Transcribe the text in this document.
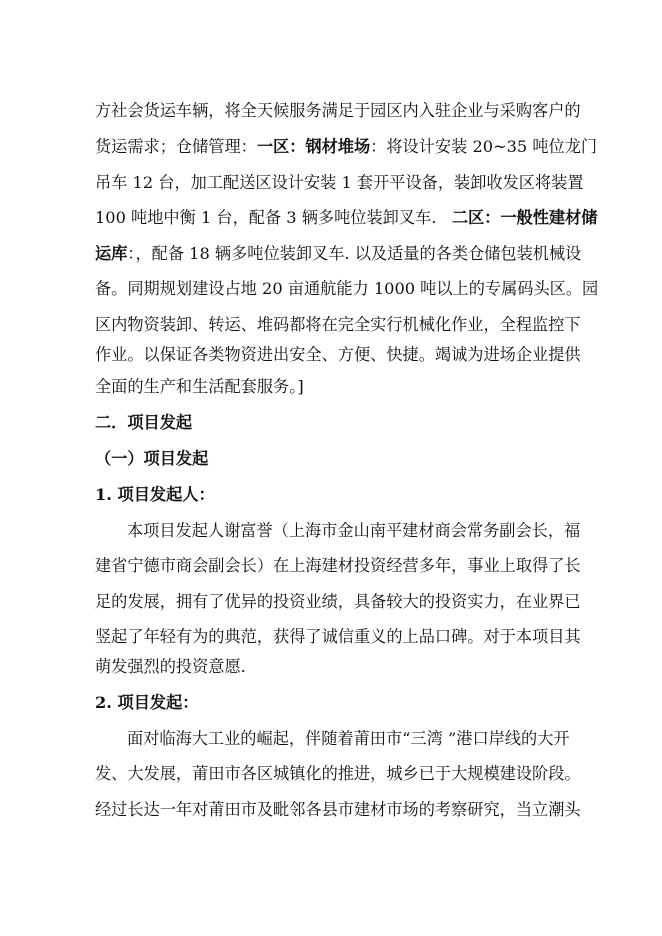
方社会货运车辆，将全天候服务满足于园区内入驻企业与采购客户的
货运需求；仓储管理：一区：钢材堆场：将设计安装 20~35 吨位龙门
吊车 12 台，加工配送区设计安装 1 套开平设备，装卸收发区将装置
100 吨地中衡 1 台，配备 3 辆多吨位装卸叉车.   二区：一般性建材储
运库：，配备 18 辆多吨位装卸叉车. 以及适量的各类仓储包装机械设
备。同期规划建设占地 20 亩通航能力 1000 吨以上的专属码头区。园
区内物资装卸、转运、堆码都将在完全实行机械化作业，全程监控下
作业。以保证各类物资进出安全、方便、快捷。竭诚为进场企业提供
全面的生产和生活配套服务。]
二．项目发起
（一）项目发起
1. 项目发起人：
本项目发起人谢富誉（上海市金山南平建材商会常务副会长，福
建省宁德市商会副会长）在上海建材投资经营多年，事业上取得了长
足的发展，拥有了优异的投资业绩，具备较大的投资实力，在业界已
竖起了年轻有为的典范，获得了诚信重义的上品口碑。对于本项目其
萌发强烈的投资意愿.
2. 项目发起：
面对临海大工业的崛起，伴随着莆田市“三湾 ”港口岸线的大开
发、大发展，莆田市各区城镇化的推进，城乡已于大规模建设阶段。
经过长达一年对莆田市及毗邻各县市建材市场的考察研究，当立潮头
